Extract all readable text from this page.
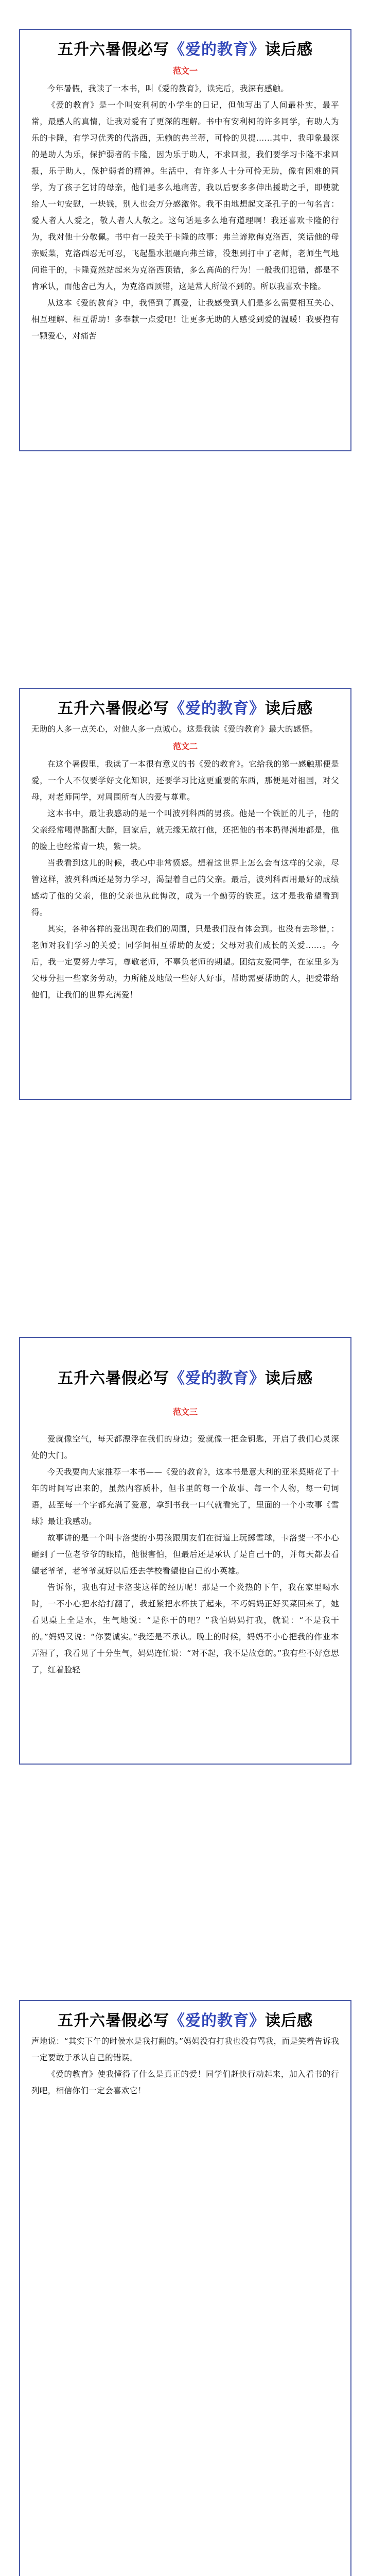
五升六暑假必写《爱的教育》读后感
范文一

今年暑假，我读了一本书，叫《爱的教育》，读完后，我深有感触。

《爱的教育》是一个叫安利柯的小学生的日记，但他写出了人间最朴实，最平常，最感人的真情，让我对爱有了更深的理解。书中有安利柯的许多同学，有助人为乐的卡隆，有学习优秀的代洛西，无赖的弗兰蒂，可怜的贝提……其中，我印象最深的是助人为乐，保护弱者的卡隆，因为乐于助人，不求回报，我们要学习卡隆不求回报，乐于助人，保护弱者的精神。生活中，有许多人十分可怜无助，像有困难的同学，为了孩子乞讨的母亲，他们是多么地痛苦，我以后要多多伸出援助之手，即使就给人一句安慰，一块钱，别人也会万分感激你。我不由地想起文圣孔子的一句名言：爱人者人人爱之，敬人者人人敬之。这句话是多么地有道理啊！我还喜欢卡隆的行为，我对他十分敬佩。书中有一段关于卡隆的故事：弗兰谛欺侮克洛西，笑话他的母亲贩菜，克洛西忍无可忍，飞起墨水瓶砸向弗兰谛，没想到打中了老师，老师生气地问谁干的，卡隆竟然站起来为克洛西顶错，多么高尚的行为！一般我们犯错，都是不肯承认，而他舍己为人，为克洛西顶错，这是常人所做不到的。所以我喜欢卡隆。

从这本《爱的教育》中，我悟到了真爱，让我感受到人们是多么需要相互关心、相互理解、相互帮助！多奉献一点爱吧！让更多无助的人感受到爱的温暖！我要抱有一颗爱心，对痛苦

五升六暑假必写《爱的教育》读后感

无助的人多一点关心，对他人多一点诚心。这是我读《爱的教育》最大的感悟。

范文二

在这个暑假里，我读了一本很有意义的书《爱的教育》。它给我的第一感触那便是爱，一个人不仅要学好文化知识，还要学习比这更重要的东西，那便是对祖国，对父母，对老师同学，对周围所有人的爱与尊重。

这本书中，最让我感动的是一个叫波列科西的男孩。他是一个铁匠的儿子，他的父亲经常喝得酩酊大醉，回家后，就无缘无故打他，还把他的书本扔得满地都是，他的脸上也经常青一块，紫一块。

当我看到这儿的时候，我心中非常愤怒。想着这世界上怎么会有这样的父亲，尽管这样，波列科西还是努力学习，渴望着自己的父亲。最后，波列科西用最好的成绩感动了他的父亲，他的父亲也从此悔改，成为一个勤劳的铁匠。这才是我希望看到得。

其实，各种各样的爱出现在我们的周围，只是我们没有体会到。也没有去珍惜，：老师对我们学习的关爱；同学间相互帮助的友爱；父母对我们成长的关爱……。今后，我一定要努力学习，尊敬老师，不辜负老师的期望。团结友爱同学，在家里多为父母分担一些家务劳动，力所能及地做一些好人好事，帮助需要帮助的人，把爱带给他们，让我们的世界充满爱！

五升六暑假必写《爱的教育》读后感
范文三

爱就像空气，每天都漂浮在我们的身边；爱就像一把金钥匙，开启了我们心灵深处的大门。

今天我要向大家推荐一本书——《爱的教育》，这本书是意大利的亚米契斯花了十年的时间写出来的，虽然内容质朴，但书里的每一个故事、每一个人物，每一句词语，甚至每一个字都充满了爱意，拿到书我一口气就看完了，里面的一个小故事《雪球》最让我感动。

故事讲的是一个叫卡洛斐的小男孩跟朋友们在街道上玩掷雪球，卡洛斐一不小心砸到了一位老爷爷的眼睛，他很害怕，但最后还是承认了是自己干的，并每天都去看望老爷爷，老爷爷就好以后还去学校看望他自己的小英雄。

告诉你，我也有过卡洛斐这样的经历呢！那是一个炎热的下午，我在家里喝水时，一不小心把水给打翻了，我赶紧把水杯扶了起来，不巧妈妈正好买菜回来了，她看见桌上全是水，生气地说：“是你干的吧？”我怕妈妈打我，就说：“不是我干的。”妈妈又说：“你要诚实。”我还是不承认。晚上的时候，妈妈不小心把我的作业本弄湿了，我看见了十分生气，妈妈连忙说：“对不起，我不是故意的。”我有些不好意思了，红着脸轻

五升六暑假必写《爱的教育》读后感

声地说：“其实下午的时候水是我打翻的。”妈妈没有打我也没有骂我，而是笑着告诉我一定要敢于承认自己的错误。

《爱的教育》使我懂得了什么是真正的爱！同学们赶快行动起来，加入看书的行列吧，相信你们一定会喜欢它！
